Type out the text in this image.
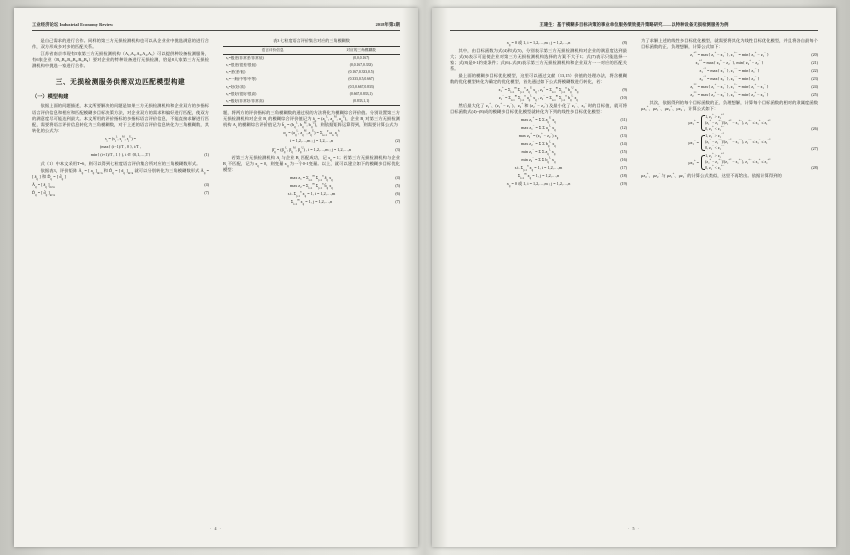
工业经济论坛 Industrial Economy Review	2018年第2期

是自己需求的进行合作。同样的第三方无损检测机构也可以从企业业中挑选满意的进行合作，双方形成多对多的匹配关系。

江苏省南京市现有5家第三方无损检测机构（A₁,A₂,A₃,A₄,A₅）可以提供种设备检测服务，有6家企业（B₁,B₂,B₃,B₄,B₅,B₆）要对企业的特种设备进行无损检测，恰是8人家第三方无损检测机构中挑选一家进行合作。

三、无损检测服务供需双边匹配模型构建
（一）模型构建

依据上面的问题描述，本文所要解决的问题是如果三方无损检测机构和企业双方的多指标语言评价信息和相应和匹配模糊多目标决策方法，对企业双方的需求和偏好进行匹配，使双方的满意度尽可能达到最大。本文所用的评价指标的多指标语言评价信息，不能直接求解进行匹配，需要将语言评价信息转化为三角模糊数，对于上述的语言评价信息转化为三角模糊数，其转化的公式为：

$s_i = (s_i^L$, $s_i^M$, $s_i^U$) =
(max{ (i−1)/T , 0 }, i/T ,
min{ (i+1)/T , 1 } ), i ∈ {0,1,…,T}	(1)

式（1）中本文采用T=6，则可以得到七粒度语言评价集合所对应的三角模糊数形式。

依据表3，评价矩阵 $Ã_{ij}$ = [ $a_{ij}$ ]$_{m\times n}$ 和 $D̃_{ij}$ = [ $d_{ij}$ ]$_{m\times n}$ 就可以分别转化为三角模糊数形式 $Ã_{ij}$ = [ $ã_{ij}$ ] 和 $D̃_{ij}$ = [ $d̃_{ij}$ ]

$Ã_{ij}$ = [ $ã_{ij}$ ]$_{m\times n}$	(4)
$D̃_{ij}$ = [ $d̃_{ij}$ ]$_{m\times n}$	(7)
表3 七粒度语言评价集合对应的三角模糊数
语言评价信息	对应的三角模糊数
s₀=极差(非常差/非常低)	(0,0,0.167)
s₁=很差(很差/很低)	(0,0.167,0.333)
s₂=差(差/低)	(0.167,0.333,0.5)
s₃=一般(中等/中等)	(0.333,0.5,0.667)
s₄=好(好/高)	(0.5,0.667,0.833)
s₅=很好(很好/很高)	(0.667,0.833,1)
s₆=极好(非常好/非常高)	(0.833,1,1)

题，将两方的评价指标的三角模糊数的通过权的方法将化为模糊综合评价值。分别设置第三方无损检测机构对企业 $B_j$ 的模糊综合评价值记为 $ã_{ij} = (a_{ij}^L$, $a_{ij}^M$, $a_{ij}^U$)，企业 $B_j$ 对第三方无损检测机构 $A_i$ 的模糊综合评价值记为 $b̃_{ij} = (b_{ij}^L$, $b_{ij}^M$, $b_{ij}^U$)，则依据矩阵运算得到，则需要计算公式为

$\alpha_{ij} = (a_{ij}^L$, $a_{ij}^M$, $a_{ij}^U) = \Sigma_{k=1}^p$ $\omega_k$ $a_{ij}^k$
i = 1,2,…,m ; j = 1,2,…,n	(2)
$\betã_{ij} = (\beta_{ij}^L$, $\beta_{ij}^M$, $\beta_{ij}^U$) , i = 1,2,…,m ; j = 1,2,…,n	(3)

若第三方无损检测机构 $A_i$ 与企业 $B_j$ 匹配成功，记 $x_{ij} = 1$；若第三方无损检测机构与企业 $B_j$ 不匹配，记为 $x_{ij} = 0$，则变量 $x_{ij}$ 为一个0-1变量。以上，就可以建立如下的模糊多目标优化模型：

$\max z_1 = \Sigma_{i=1}^m$ $\Sigma_{j=1}^n$ $ã_{ij}$ $x_{ij}$	(4)
$\max z_2 = \Sigma_{i=1}^m$ $\Sigma_{j=1}^n$ $b̃_{ij}$ $x_{ij}$	(5)
s.t. $\Sigma_{j=1}^n$ $x_{ij} = 1$, i = 1,2,…,m	(6)
$\Sigma_{i=1}^m$ $x_{ij} = 1$, j = 1,2,…,n	(7)
· 4 ·
王建生：基于模糊多目标决策的事业单位服务绩效提升策略研究——以特种设备无损检测服务为例
$x_{ij} = 0$ 或 1, i = 1,2,…,m ; j = 1,2,…,n	(8)

其中，由目标函数为式(4)和式(5)，分别表示第三方无损检测机构对企业的满意度达到最大；式(6)表示可是使企业对第三方无损检测机构选择的方案不大于1；式(7)表示只能选择一家；式(8)是0-1约束条件；式(6)–式(8)表示第三方无损检测机构和企业双方一一对应的匹配关系。

最上面的模糊多目标优化模型，这里可以通过文献（13,15）价值的处理办法，将含模糊数的优化模型转化为确定的优化模型，首先通过如下公式将模糊数进行转化，若：

$z_1^+ = \Sigma_{i=1}^m$ $\Sigma_{j=1}^n$ $a_{ij}^U$ $x_{ij}$ , $z_2^+ = \Sigma_{i=1}^m$ $\Sigma_{j=1}^n$ $b_{ij}^U$ $x_{ij}$	(9)
$z_1^- = \Sigma_{i=1}^m$ $\Sigma_{j=1}^n$ $a_{ij}^L$ $x_{ij}$ , $z_2^- = \Sigma_{i=1}^m$ $\Sigma_{j=1}^n$ $b_{ij}^L$ $x_{ij}$	(10)

然后最大化了 z₁+、(z₁+ − z₁−)、z₂+ 和 (z₂+ − z₂−) 及最小化了 z₁−、z₂− 时的目标值，就可将目标函数式(4)~(8)成的模糊多目标优化模型就转化为下列的线性多目标优化模型：

max z₁+ = Σ Σ $a_{ij}^U$ $x_{ij}$	(11)
max z₁− = Σ Σ $a_{ij}^L$ $x_{ij}$	(12)
max z₂+ = (z₂+ − z₂−) $x_{ij}$	(13)
max z₂− = Σ Σ $b_{ij}^L$ $x_{ij}$	(14)
min z₁− = Σ Σ $a_{ij}^L$ $x_{ij}$	(15)
min z₂− = Σ Σ $b_{ij}^L$ $x_{ij}$	(16)
s.t. $\Sigma_{j=1}^n$ $x_{ij} = 1$, i = 1,2,…,m	(17)
$\Sigma_{i=1}^m$ $x_{ij} = 1$, j = 1,2,…,n	(18)
$x_{ij} = 0$ 或 1, i = 1,2,…,m ; j = 1,2,…,n	(19)

为了求解上述的线性多目标优化模型，就需要将其化为线性目标优化模型，并且将各自最每个目标函数的正、负理想解，计算公式如下：

z₁+* = max{ z₁+ − z₁− }, z₁+− = min{ z₁+ − z₁− }	(20)
z₂+* = max{ z₂+ − z₂− }, min{ z₂+ − z₂− }	(21)
z₁−* = max{ z₁− }, z₁−− = min{ z₁− }	(22)
z₂−* = max{ z₂− }, z₂−− = min{ z₂− }	(23)
z₁** = max{ z₁+ − z₁− }, z₁*− = min{ z₁+ − z₁− }	(24)
z₂** = max{ z₂+ − z₂− }, z₂*− = min{ z₂+ − z₂− }	(25)

其次，依据得到的每个目标函数的正、负理想解，计算每个目标函数的相对的隶属度函数 μz₁+、μz₁−、μz₂+、μz₂−，计算公式如下：

μz₁+ = 1, z₁+ > z₁+*
(z₁+ − z₁+−)/(z₁+* − z₁+−), z₁+− ≤ z₁+ ≤ z₁+*
0, z₁+ < z₁+−	(26)
μz₁− = 1, z₁− > z₁−*
(z₁− − z₁−−)/(z₁−* − z₁−−), z₁−− ≤ z₁− ≤ z₁−*
0, z₁− < z₁−−	(27)
μz₂+ = 1, z₂+ > z₂+*
(z₂+ − z₂+−)/(z₂+* − z₂+−), z₂+− ≤ z₂+ ≤ z₂+*
0, z₂+ < z₂+−	(28)

μz₂+、μz₂− 与 μz₁+、μz₁− 的计算公式类似，这里不再给出。依据计算得到的

· 5 ·
